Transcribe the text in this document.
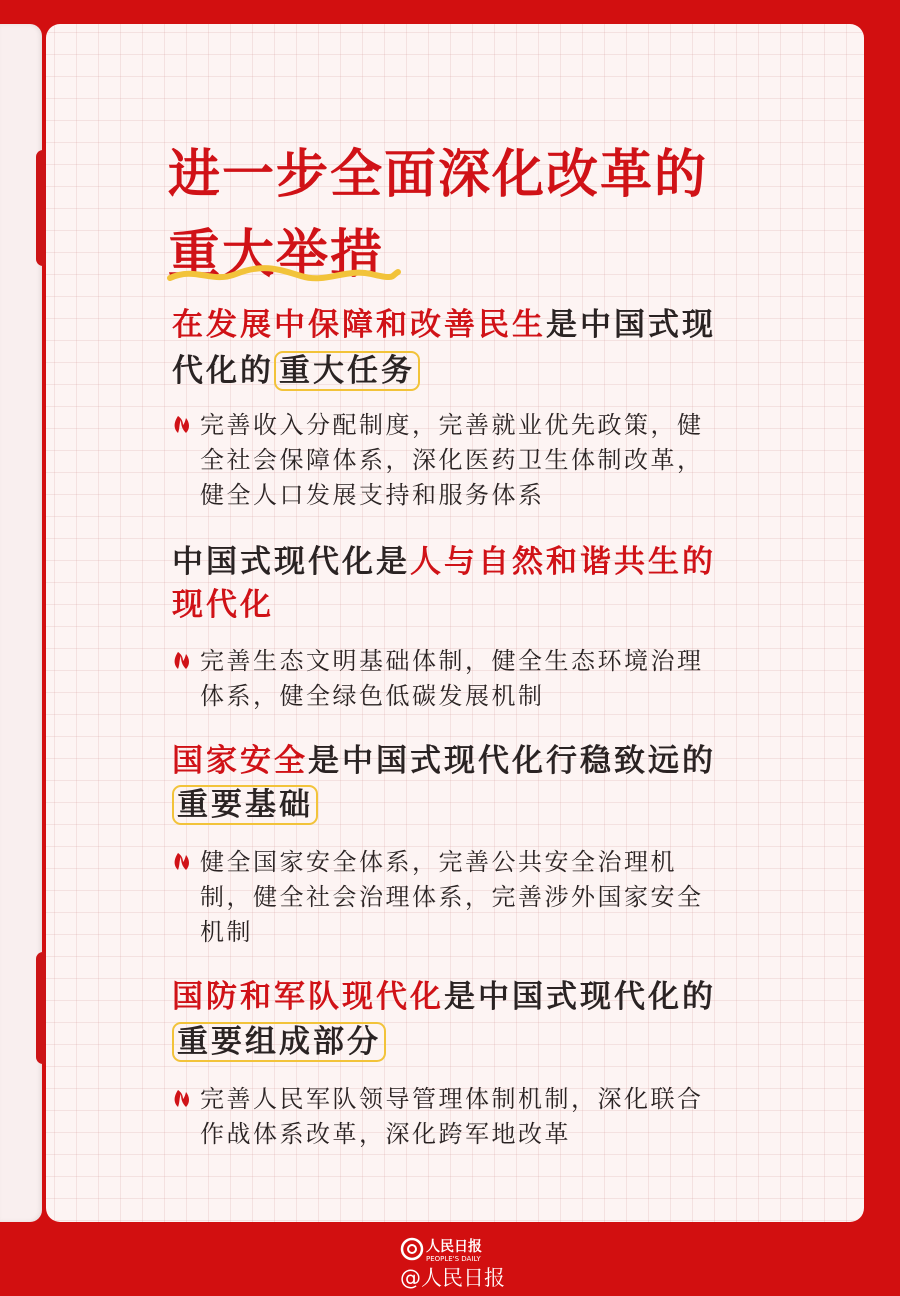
进一步全面深化改革的
重大举措
在发展中保障和改善民生是中国式现
代化的 重大任务
完善收入分配制度，完善就业优先政策，健
全社会保障体系，深化医药卫生体制改革，
健全人口发展支持和服务体系
中国式现代化是人与自然和谐共生的
现代化
完善生态文明基础体制，健全生态环境治理
体系，健全绿色低碳发展机制
国家安全是中国式现代化行稳致远的
重要基础
健全国家安全体系，完善公共安全治理机
制，健全社会治理体系，完善涉外国家安全
机制
国防和军队现代化是中国式现代化的
重要组成部分
完善人民军队领导管理体制机制，深化联合
作战体系改革，深化跨军地改革
人民日报
PEOPLE'S DAILY
@人民日报
